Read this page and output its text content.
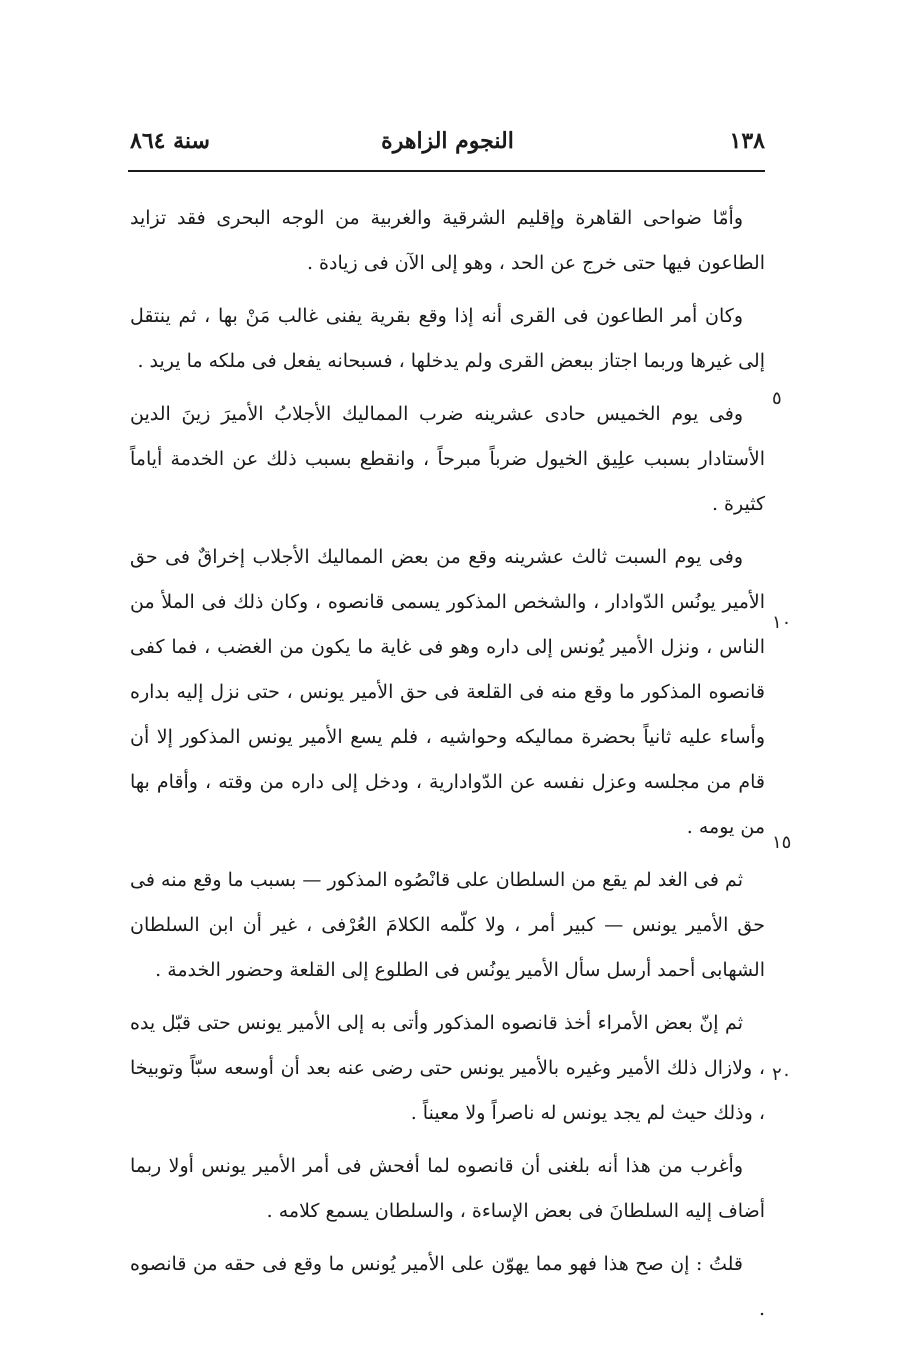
١٣٨
النجوم الزاهرة
سنة ٨٦٤

وأمّا ضواحى القاهرة وإقليم الشرقية والغربية من الوجه البحرى فقد تزايد الطاعون فيها حتى خرج عن الحد ، وهو إلى الآن فى زيادة .

وكان أمر الطاعون فى القرى أنه إذا وقع بقرية يفنى غالب مَنْ بها ، ثم ينتقل إلى غيرها وربما اجتاز ببعض القرى ولم يدخلها ، فسبحانه يفعل فى ملكه ما يريد .

وفى يوم الخميس حادى عشرينه ضرب المماليك الأجلابُ الأميرَ زينَ الدين الأستادار بسبب علِيق الخيول ضرباً مبرحاً ، وانقطع بسبب ذلك عن الخدمة أياماً كثيرة .

وفى يوم السبت ثالث عشرينه وقع من بعض المماليك الأجلاب إخراقٌ فى حق الأمير يونُس الدّوادار ، والشخص المذكور يسمى قانصوه ، وكان ذلك فى الملأ من الناس ، ونزل الأمير يُونس إلى داره وهو فى غاية ما يكون من الغضب ، فما كفى قانصوه المذكور ما وقع منه فى القلعة فى حق الأمير يونس ، حتى نزل إليه بداره وأساء عليه ثانياً بحضرة مماليكه وحواشيه ، فلم يسع الأمير يونس المذكور إلا أن قام من مجلسه وعزل نفسه عن الدّوادارية ، ودخل إلى داره من وقته ، وأقام بها من يومه .

ثم فى الغد لم يقع من السلطان على قانْصُوه المذكور — بسبب ما وقع منه فى حق الأمير يونس — كبير أمر ، ولا كلّمه الكلامَ العُرْفى ، غير أن ابن السلطان الشهابى أحمد أرسل سأل الأمير يونُس فى الطلوع إلى القلعة وحضور الخدمة .

ثم إنّ بعض الأمراء أخذ قانصوه المذكور وأتى به إلى الأمير يونس حتى قبّل يده ، ولازال ذلك الأمير وغيره بالأمير يونس حتى رضى عنه بعد أن أوسعه سبّاً وتوبيخا ، وذلك حيث لم يجد يونس له ناصراً ولا معيناً .

وأغرب من هذا أنه بلغنى أن قانصوه لما أفحش فى أمر الأمير يونس أولا ربما أضاف إليه السلطانَ فى بعض الإساءة ، والسلطان يسمع كلامه .

قلتُ : إن صح هذا فهو مما يهوّن على الأمير يُونس ما وقع فى حقه من قانصوه .

٥
١٠
١٥
٢٠
